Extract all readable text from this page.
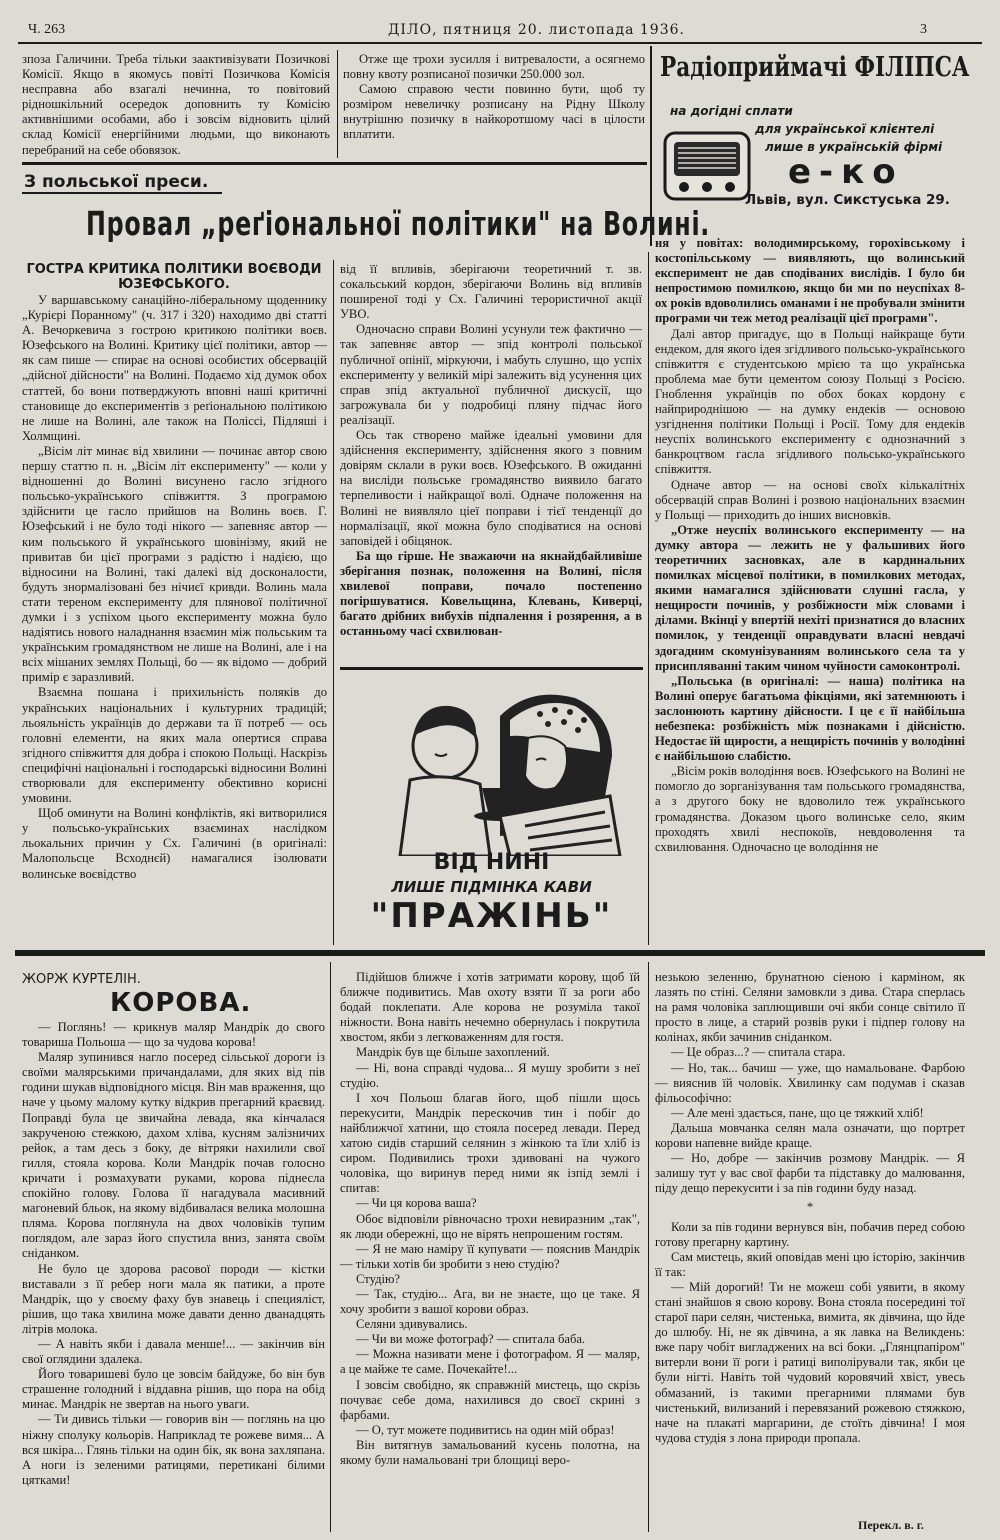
Ч. 263	ДІЛО, пятниця 20. листопада 1936.	3

зпоза Галичини. Треба тільки заактивізувати Позичкові Комісії. Якщо в якомусь повіті Позичкова Комісія несправна або взагалі нечинна, то повітовий рідношкільний осередок доповнить ту Комісію активнішими особами, або і зовсім відновить цілий склад Комісії енергійними людьми, що виконають перебраний на себе обовязок.

Отже ще трохи зусилля і витревалости, а осягнемо повну квоту розписаної позички 250.000 зол.

Самою справою чести повинно бути, щоб ту розміром невеличку розписану на Рідну Школу внутрішню позичку в найкоротшому часі в цілости вплатити.

Радіоприймачі ФІЛІПСА
на догідні сплати
для української клієнтелі
лише в українській фірмі
е-ко
Львів, вул. Сикстуська 29.
З польської преси.
Провал „реґіональної політики" на Волині.
ГОСТРА КРИТИКА ПОЛІТИКИ ВОЄВОДИ ЮЗЕФСЬКОГО.

У варшавському санаційно-ліберальному щоденнику „Курієрі Поранному" (ч. 317 і 320) находимо дві статті А. Вечоркевича з гострою критикою політики воєв. Юзефського на Волині. Критику цієї політики, автор — як сам пише — спирає на основі особистих обсервацій „дійсної дійсности" на Волині. Подаємо хід думок обох статтей, бо вони потверджують вповні наші критичні становище до експериментів з реґіональною політикою не лише на Волині, але також на Поліссі, Підляші і Холмщині.

„Вісім літ минає від хвилини — починає автор свою першу статтю п. н. „Вісім літ експерименту" — коли у відношенні до Волині висунено гасло згідного польсько-українського співжиття. З програмою здійснити це гасло прийшов на Волинь воєв. Г. Юзефський і не було тоді нікого — запевняє автор — ким польського й українського шовінізму, який не привитав би цієї програми з радістю і надією, що відносини на Волині, такі далекі від досконалости, будуть знормалізовані без нічиєї кривди. Волинь мала стати тереном експерименту для плянової політичної думки і з успіхом цього експерименту можна було надіятись нового наладнання взаємин між польським та українським громадянством не лише на Волині, але і на всіх мішаних землях Польщі, бо — як відомо — добрий примір є заразливий.

Взаємна пошана і прихильність поляків до українських національних і культурних традицій; льояльність українців до держави та її потреб — ось головні елементи, на яких мала опертися справа згідного співжиття для добра і спокою Польщі. Наскрізь специфічні національні і господарські відносини Волині створювали для експерименту обективно корисні умовини.

Щоб оминути на Волині конфліктів, які витворилися у польсько-українських взаєминах наслідком льокальних причин у Сх. Галичині (в оригіналі: Малопольсце Всходнєй) намагалися ізолювати волинське воєвідство

від її впливів, зберігаючи теоретичний т. зв. сокальський кордон, зберігаючи Волинь від впливів поширеної тоді у Сх. Галичині терористичної акції УВО.

Одночасно справи Волині усунули теж фактично — так запевняє автор — зпід контролі польської публичної опінії, міркуючи, і мабуть слушно, що успіх експерименту у великій мірі залежить від усунення цих справ зпід актуальної публичної дискусії, що загрожувала би у подробиці пляну підчас його реалізації.

Ось так створено майже ідеальні умовини для здійснення експерименту, здійснення якого з повним довірям склали в руки воєв. Юзефського. В ожиданні на висліди польське громадянство виявило багато терпеливости і найкращої волі. Одначе положення на Волині не виявляло ціеї поправи і тієї тенденції до нормалізації, якої можна було сподіватися на основі заповідей і обіцянок.

Ба що гірше. Не зважаючи на якнайдбайливіше зберігання познак, положення на Волині, після хвилевої поправи, почало постепенно погіршуватися. Ковельщина, Клевань, Киверці, багато дрібних вибухів підпалення і розярення, а в останньому часі схвилюван-

ВІД НИНІ
ЛИШЕ ПІДМІНКА КАВИ
"ПРАЖІНЬ"

ня у повітах: володимирському, горохівському і костопільському — виявляють, що волинський експеримент не дав сподіваних вислідів. І було би непростимою помилкою, якщо би ми по неуспіхах 8-ох років вдоволились оманами і не пробували змінити програми чи теж метод реалізації цієї програми".

Далі автор пригадує, що в Польщі найкраще бути ендеком, для якого ідея згідливого польсько-українського співжиття є студентською мрією та що українська проблема мае бути цементом союзу Польщі з Росією. Гноблення українців по обох боках кордону є найприроднішою — на думку ендеків — основою узгіднення політики Польщі і Росії. Тому для ендеків неуспіх волинського експерименту є однозначний з банкроцтвом гасла згідливого польсько-українського співжиття.

Одначе автор — на основі своїх кількалітніх обсервацій справ Волині і розвою національних взаємин у Польщі — приходить до інших висновків.

„Отже неуспіх волинського експерименту — на думку автора — лежить не у фальшивих його теоретичних засновках, але в кардинальних помилках місцевої політики, в помилкових методах, якими намагалися здійснювати слушні гасла, у нещирости починів, у розбіжности між словами і ділами. Вкінці у впертій нехіті признатися до власних помилок, у тенденції оправдувати власні невдачі здогадним скомунізуванням волинського села та у присипляванні таким чином чуйности самоконтролі.

„Польська (в оригіналі: — наша) політика на Волині оперує багатьома фікціями, які затемнюють і заслонюють картину дійсности. І це є її найбільша небезпека: розбіжність між познаками і дійсністю. Недостає їй щирости, а нещирість починів у володінні є найбільшою слабістю.

„Вісім років володіння воєв. Юзефського на Волині не помогло до зорганізування там польського громадянства, а з другого боку не вдоволило теж українського громадянства. Доказом цього волинське село, яким проходять хвилі неспокоїв, невдоволення та схвилювання. Одночасно це володіння не

ЖОРЖ КУРТЕЛІН.
КОРОВА.

— Поглянь! — крикнув маляр Мандрік до свого товариша Польоша — що за чудова корова!

Маляр зупинився нагло посеред сільської дороги із своїми малярськими причандалами, для яких від пів години шукав відповідного місця. Він мав враження, що наче у цьому малому кутку відкрив прегарний краєвид. Поправді була це звичайна левада, яка кінчалася закрученою стежкою, дахом хліва, кусням залізничих рейок, а там десь з боку, де вітряки нахилили свої гилля, стояла корова. Коли Мандрік почав голосно кричати і розмахувати руками, корова піднесла спокійно голову. Голова її нагадувала масивний магоневий бльок, на якому відбивалася велика молошна пляма. Корова поглянула на двох чоловіків тупим поглядом, але зараз його спустила вниз, занята своїм сніданком.

Не було це здорова расової породи — кістки виставали з її ребер ноги мала як патики, а проте Мандрік, що у своєму фаху був знавець і специяліст, рішив, що така хвилина може давати денно дванадцять літрів молока.

— А навіть якби і давала менше!... — закінчив він свої оглядини здалека.

Його товаришеві було це зовсім байдуже, бо він був страшенне голодний і віддавна рішив, що пора на обід минає. Мандрік не звертав на нього уваги.

— Ти дивись тільки — говорив він — поглянь на цю ніжну сполуку кольорів. Наприклад те рожеве вимя... А вся шкіра... Глянь тільки на один бік, як вона захляпана. А ноги із зеленими ратицями, перетикані білими цятками!

Підійшов ближче і хотів затримати корову, щоб їй ближче подивитись. Мав охоту взяти її за роги або бодай поклепати. Але корова не розуміла такої ніжности. Вона навіть нечемно обернулась і покрутила хвостом, якби з легковаженням для гостя.

Мандрік був ще більше захоплений.

— Ні, вона справді чудова... Я мушу зробити з неї студію.

І хоч Польош благав його, щоб пішли щось перекусити, Мандрік перескочив тин і побіг до найближчої хатини, що стояла посеред левади. Перед хатою сидів старший селянин з жінкою та їли хліб із сиром. Подивились трохи здивовані на чужого чоловіка, що виринув перед ними як ізпід землі і спитав:

— Чи ця корова ваша?

Обоє відповіли рівночасно трохи невиразним „так", як люди обережні, що не вірять непрошеним гостям.

— Я не маю наміру її купувати — пояснив Мандрік — тільки хотів би зробити з нею студію?

Студію?

— Так, студію... Ага, ви не знаєте, що це таке. Я хочу зробити з вашої корови образ.

Селяни здивувались.

— Чи ви може фотограф? — спитала баба.

— Можна називати мене і фотографом. Я — маляр, а це майже те саме. Почекайте!...

І зовсім свобідно, як справжній мистець, що скрізь почуває себе дома, нахилився до своєї скрині з фарбами.

— О, тут можете подивитись на один мій образ!

Він витягнув замальований кусень полотна, на якому були намальовані три блощиці веро-

незькою зеленню, брунатною сіеною і карміном, як лазять по стіні. Селяни замовкли з дива. Стара сперлась на рамя чоловіка заплющивши очі якби сонце світило її просто в лице, а старий розвів руки і підпер голову на колінах, якби зачинив сніданком.

— Це образ...? — спитала стара.

— Но, так... бачиш — уже, що намальоване. Фарбою — вияснив їй чоловік. Хвилинку сам подумав і сказав фільософічно:

— Але мені здається, пане, що це тяжкий хліб!

Дальша мовчанка селян мала означати, що портрет корови напевне вийде краще.

— Но, добре — закінчив розмову Мандрік. — Я залишу тут у вас свої фарби та підставку до малювання, піду дещо перекусити і за пів години буду назад.

*

Коли за пів години вернувся він, побачив перед собою готову прегарну картину.

Сам мистець, який оповідав мені цю історію, закінчив її так:

— Мій дорогий! Ти не можеш собі уявити, в якому стані знайшов я свою корову. Вона стояла посередині тої старої пари селян, чистенька, вимита, як дівчина, що йде до шлюбу. Ні, не як дівчина, а як лавка на Великдень: вже пару чобіт вигладжених на всі боки. „Глянцпапіром" витерли вони її роги і ратиці виполірували так, якби це були нігті. Навіть той чудовий коровячий хвіст, увесь обмазаний, із такими прегарними плямами був чистенький, вилизаний і перевязаний рожевою стяжкою, наче на плакаті маргарини, де стоїть дівчина! І моя чудова студія з лона природи пропала.

Перекл. в. г.
